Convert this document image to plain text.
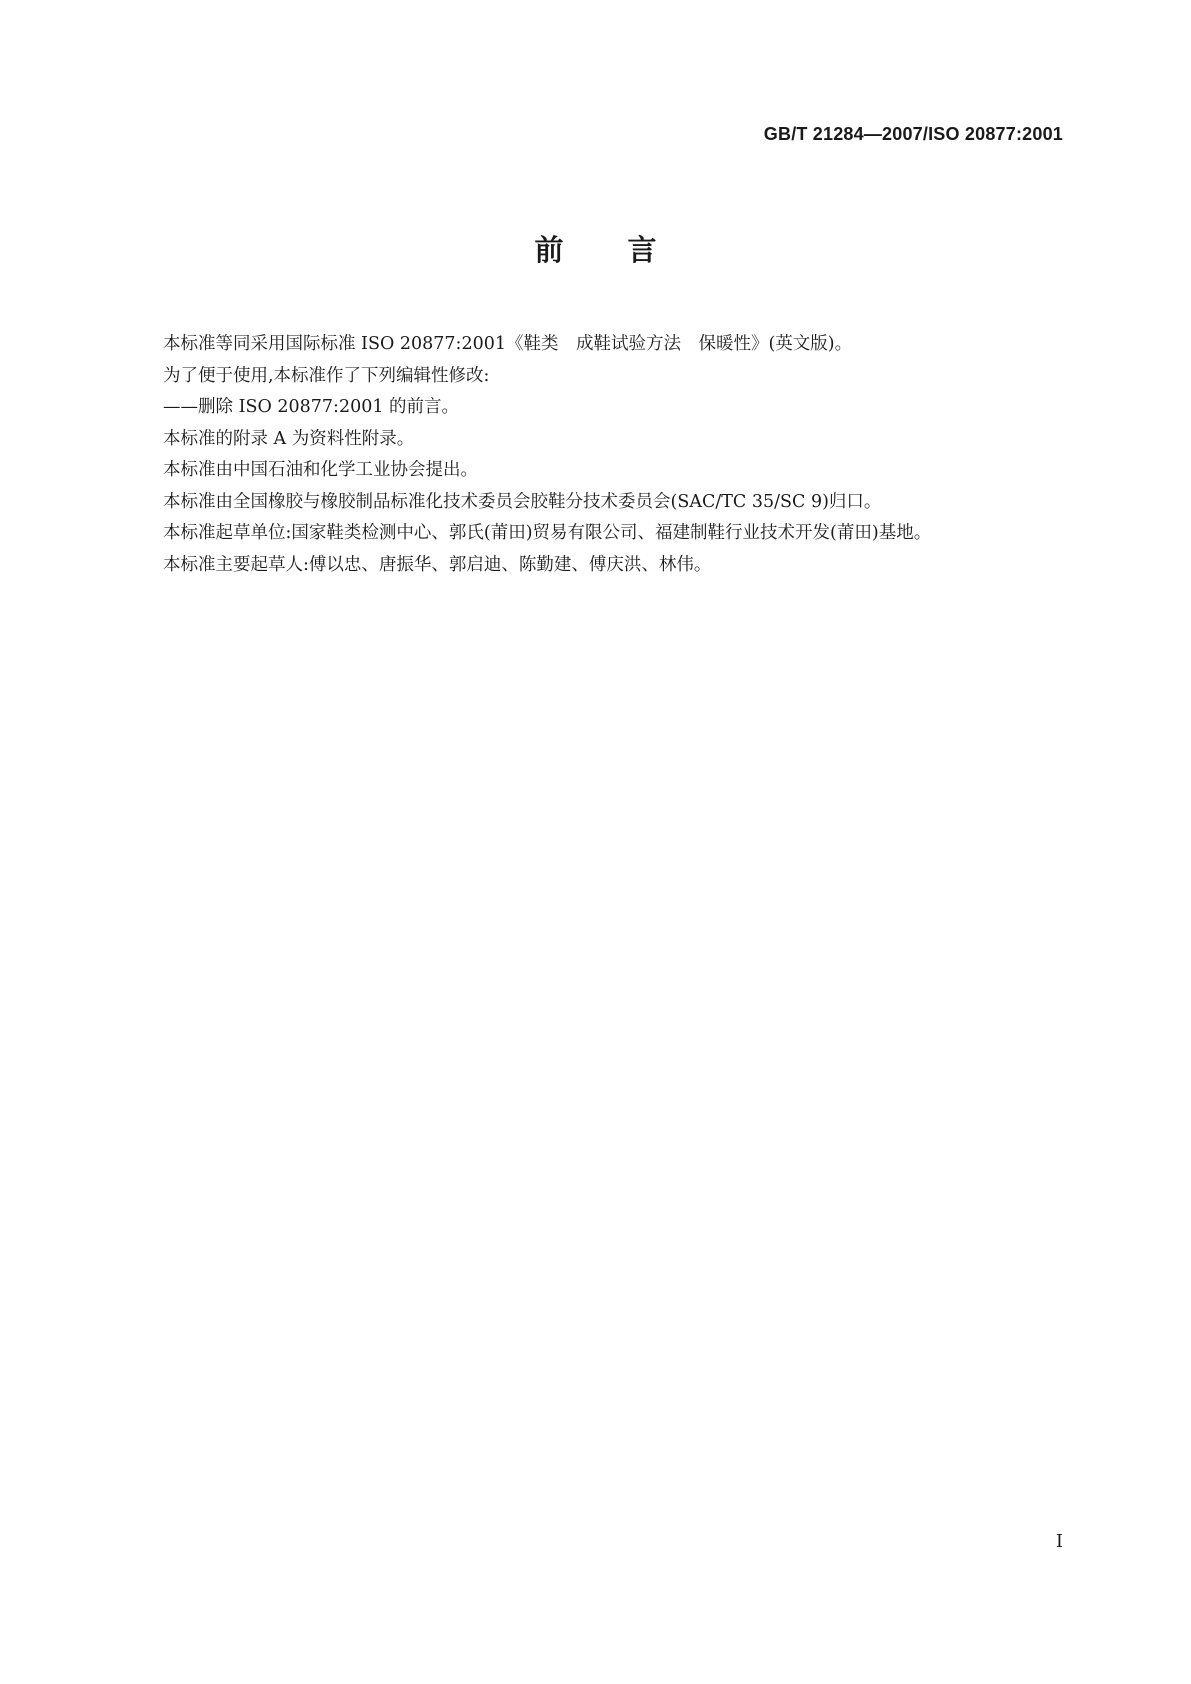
GB/T 21284—2007/ISO 20877:2001
前言

本标准等同采用国际标准 ISO 20877:2001《鞋类　成鞋试验方法　保暖性》(英文版)。

为了便于使用,本标准作了下列编辑性修改:

——删除 ISO 20877:2001 的前言。

本标准的附录 A 为资料性附录。

本标准由中国石油和化学工业协会提出。

本标准由全国橡胶与橡胶制品标准化技术委员会胶鞋分技术委员会(SAC/TC 35/SC 9)归口。

本标准起草单位:国家鞋类检测中心、郭氏(莆田)贸易有限公司、福建制鞋行业技术开发(莆田)基地。

本标准主要起草人:傅以忠、唐振华、郭启迪、陈勤建、傅庆洪、林伟。

I
